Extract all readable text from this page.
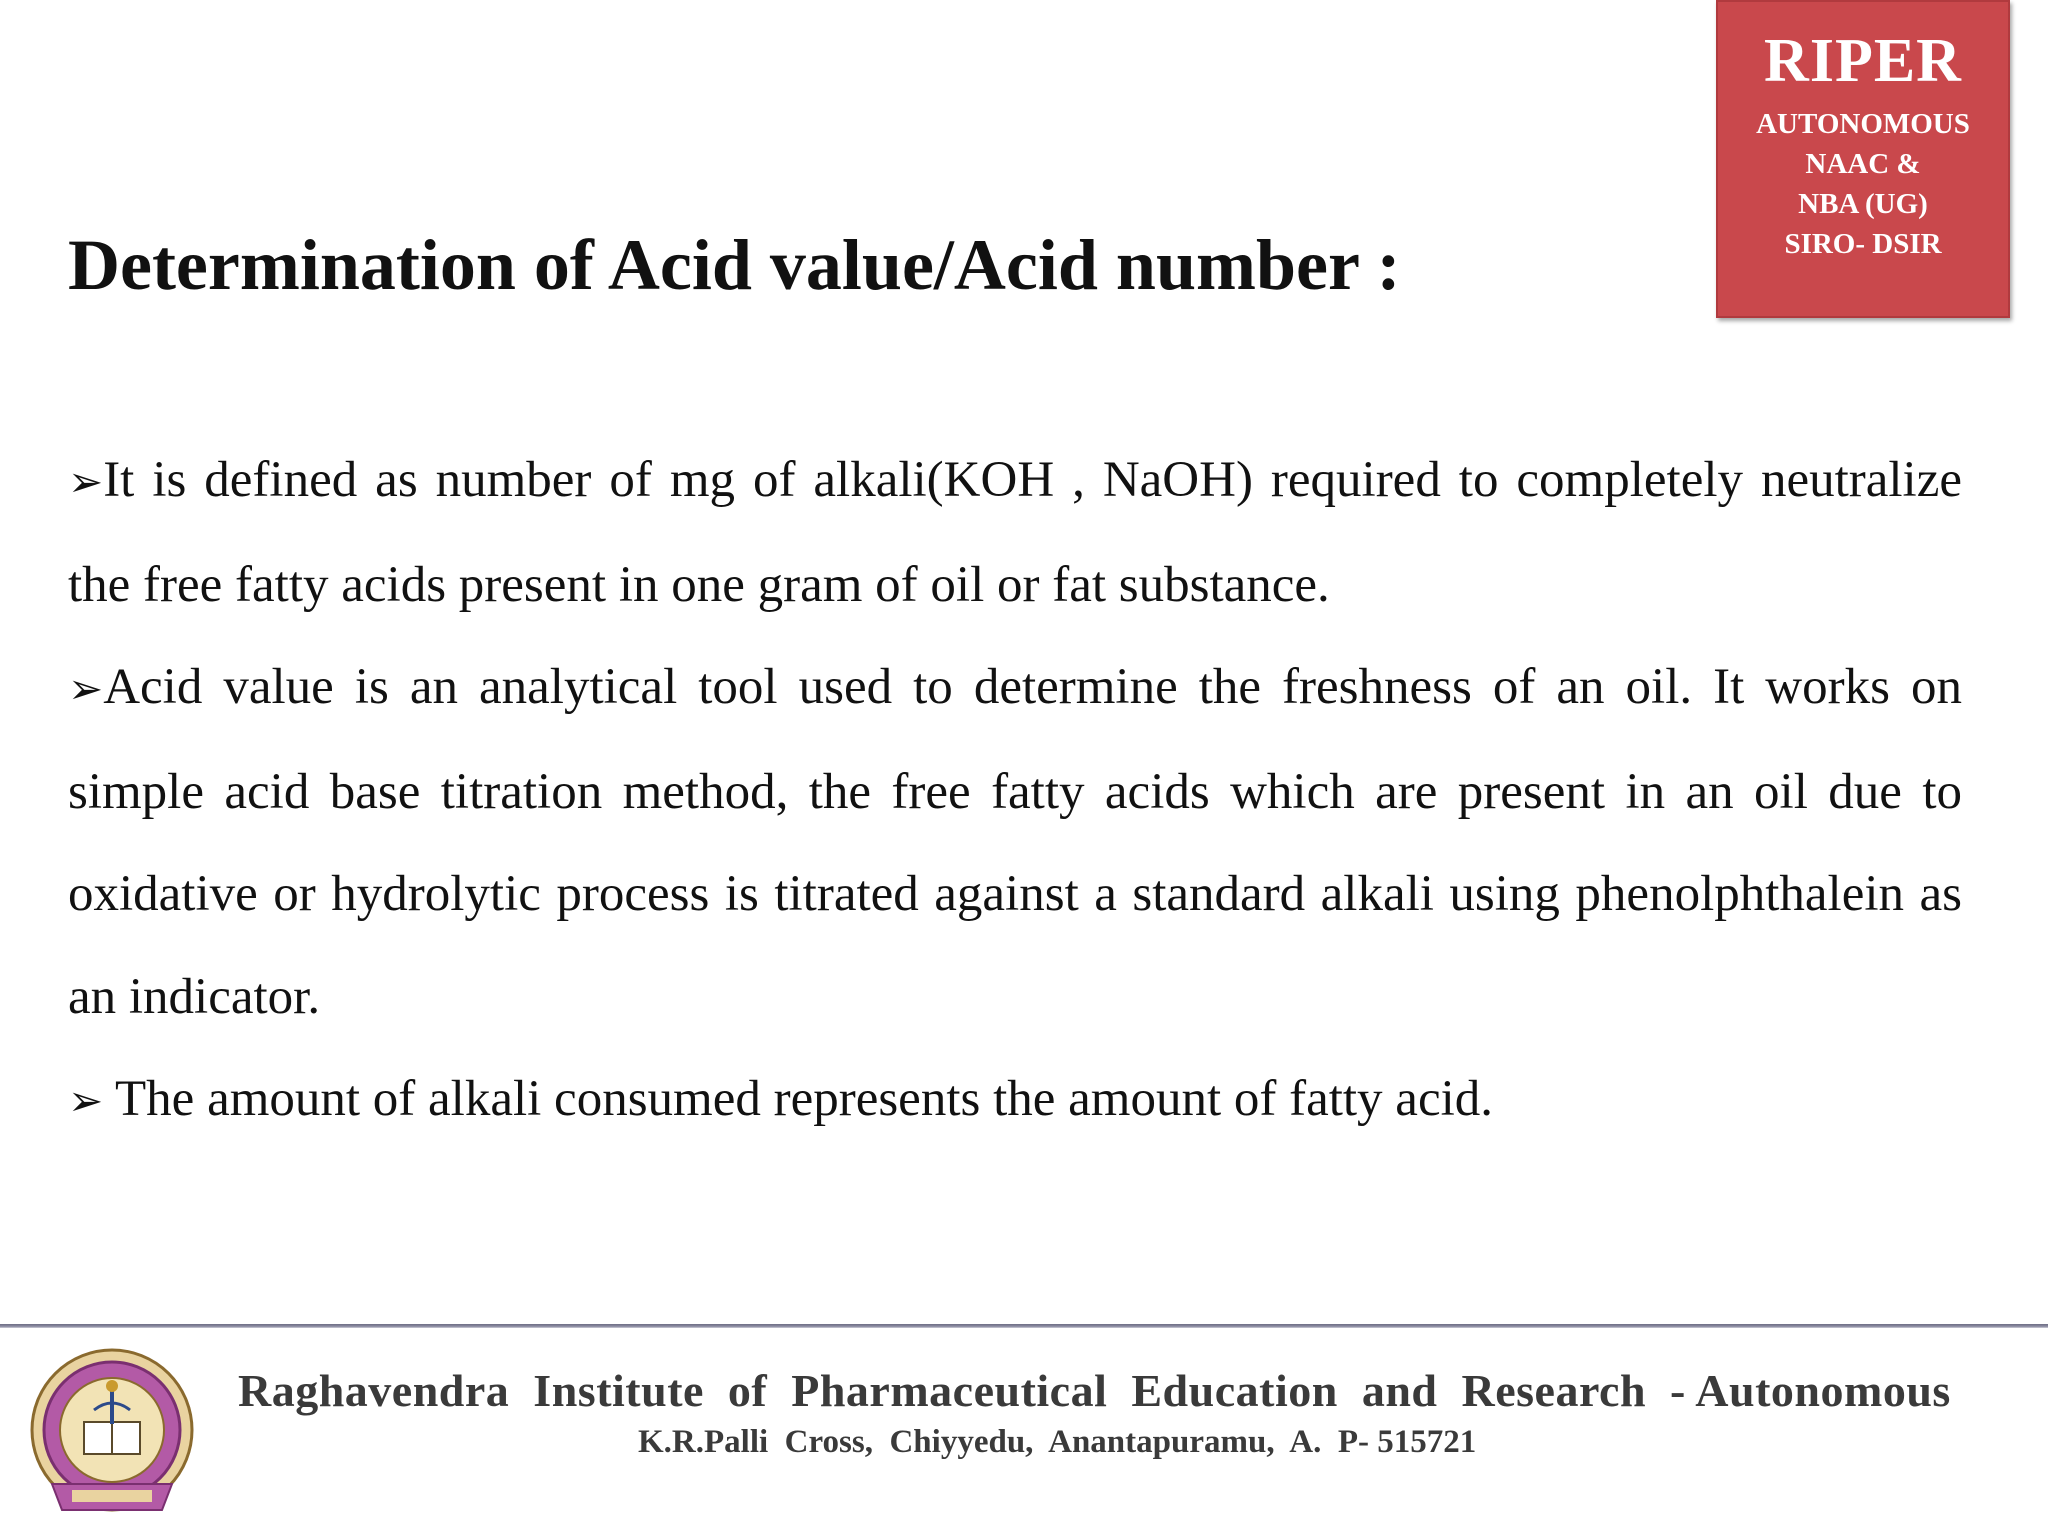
RIPER
AUTONOMOUS
NAAC &
NBA (UG)
SIRO- DSIR
Determination of Acid value/Acid number :

➢It is defined as number of mg of alkali(KOH , NaOH) required to completely neutralize the free fatty acids present in one gram of oil or fat substance.

➢Acid value is an analytical tool used to determine the freshness of an oil. It works on simple acid base titration method, the free fatty acids which are present in an oil due to oxidative or hydrolytic process is titrated against a standard alkali using phenolphthalein as an indicator.

➢ The amount of alkali consumed represents the amount of fatty acid.

Raghavendra  Institute  of  Pharmaceutical  Education  and  Research  - Autonomous
K.R.Palli  Cross,  Chiyyedu,  Anantapuramu,  A.  P- 515721
